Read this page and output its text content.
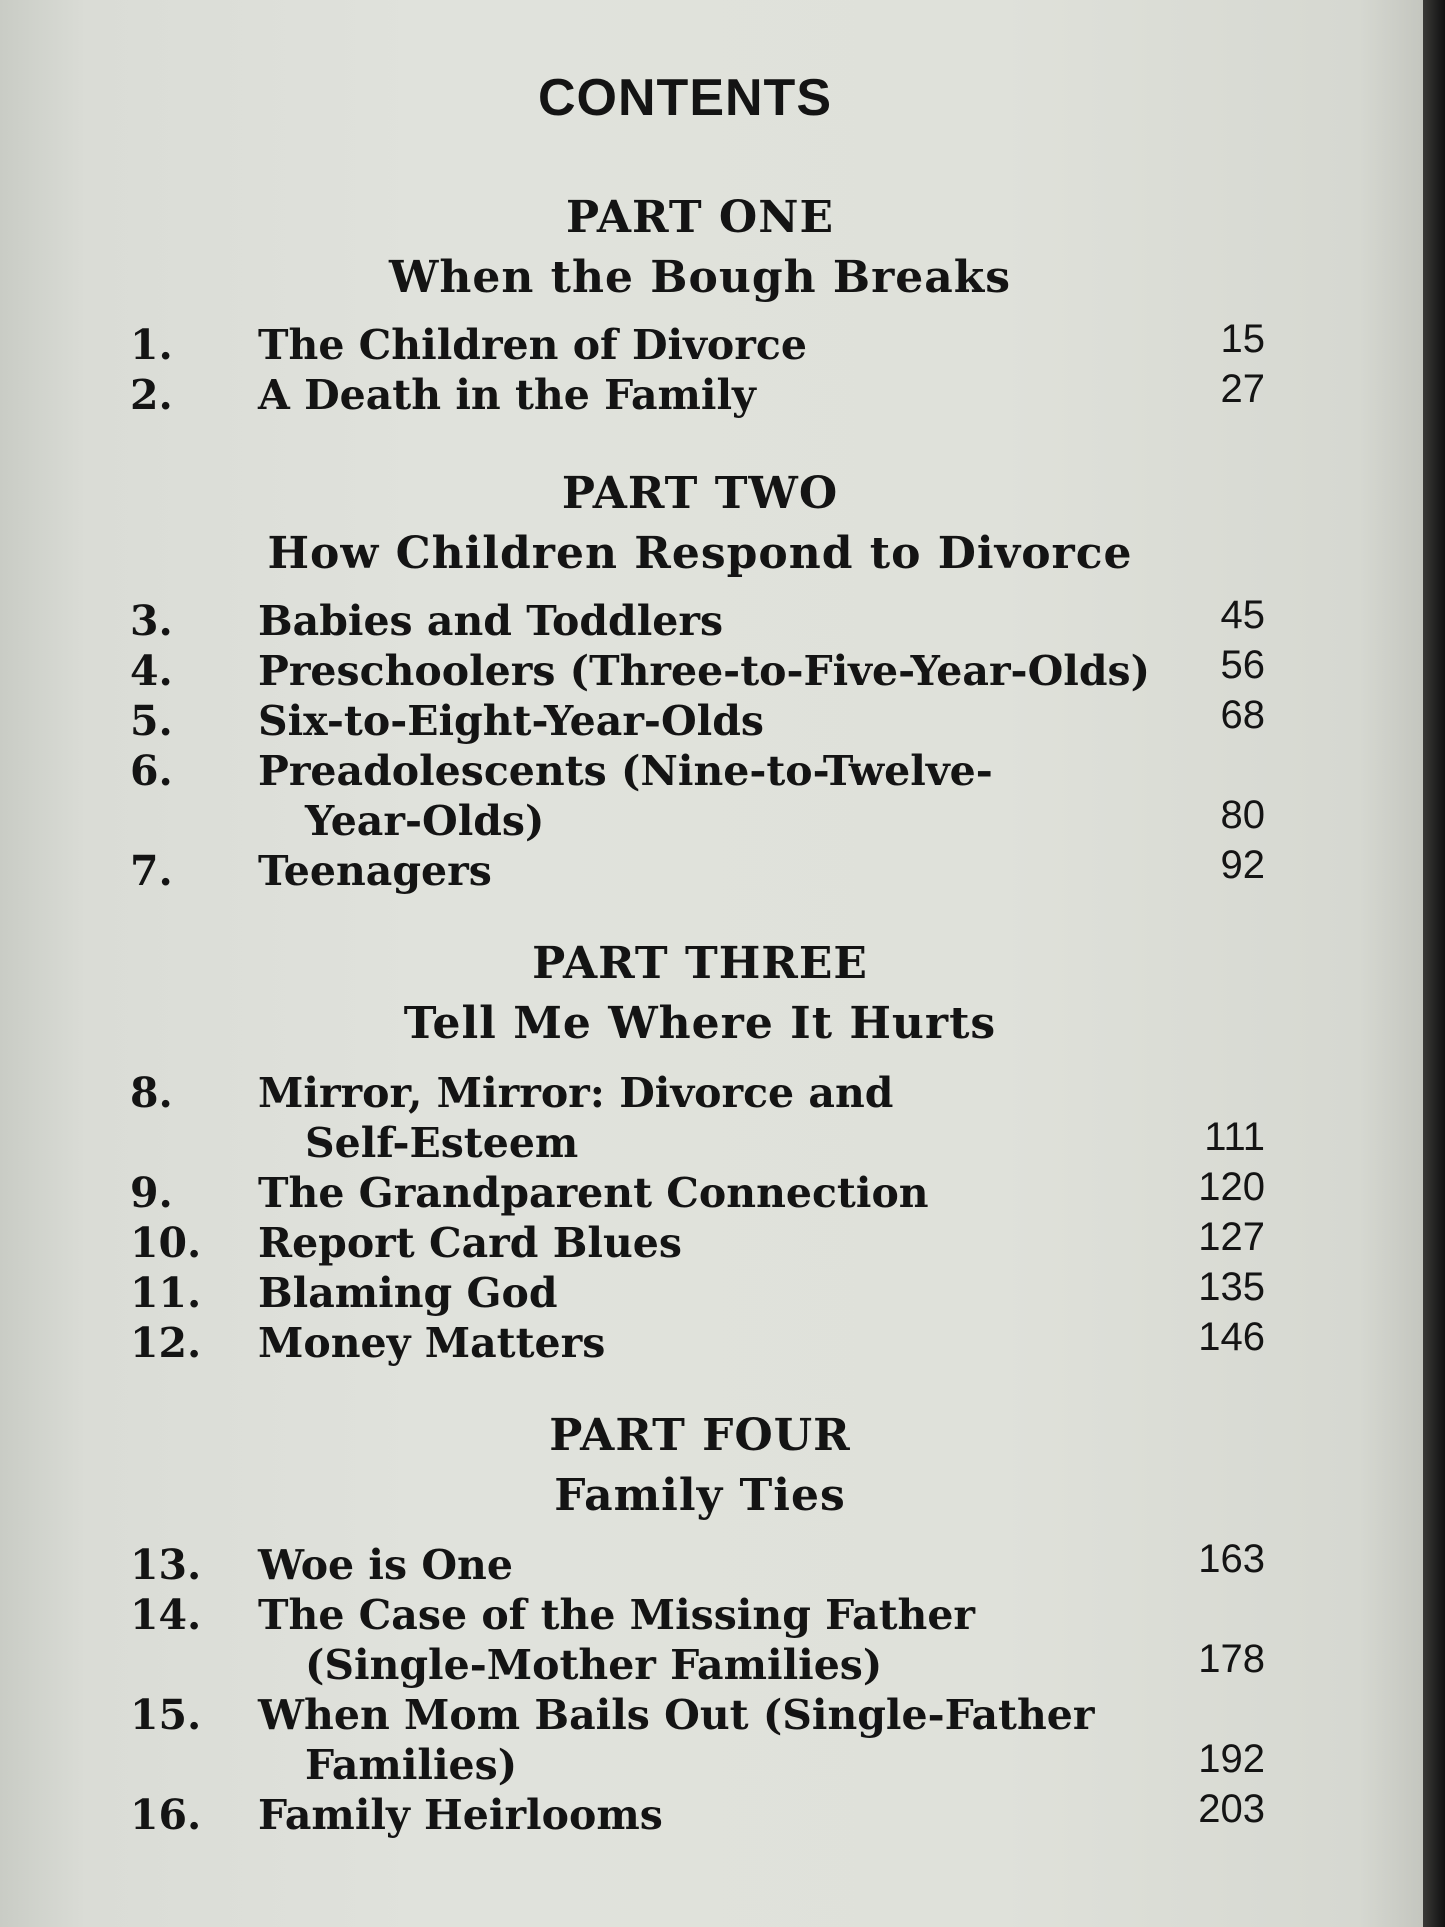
CONTENTS
PART ONE
When the Bough Breaks
1.	The Children of Divorce	15
2.	A Death in the Family	27
PART TWO
How Children Respond to Divorce
3.	Babies and Toddlers	45
4.	Preschoolers (Three-to-Five-Year-Olds) 56
5.	Six-to-Eight-Year-Olds	68
6.	Preadolescents (Nine-to-Twelve-
Year-Olds)	80
7.	Teenagers	92
PART THREE
Tell Me Where It Hurts
8.	Mirror, Mirror: Divorce and
Self-Esteem	111
9.	The Grandparent Connection	120
10. Report Card Blues	127
11. Blaming God	135
12. Money Matters	146
PART FOUR
Family Ties
13. Woe is One	163
14. The Case of the Missing Father
(Single-Mother Families)	178
15. When Mom Bails Out (Single-Father
Families)	192
16. Family Heirlooms	203
